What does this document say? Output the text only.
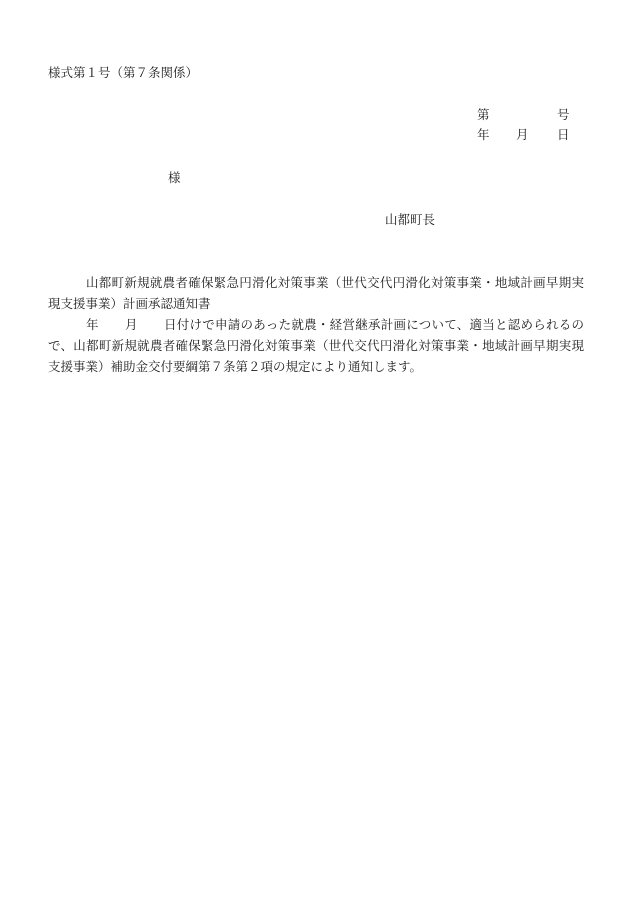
様式第１号（第７条関係）
第	号
年 月 日
様
山都町長
山都町新規就農者確保緊急円滑化対策事業（世代交代円滑化対策事業・地域計画早期実現支援事業）計画承認通知書
年 月 日付けで申請のあった就農・経営継承計画について、適当と認められるので、山都町新規就農者確保緊急円滑化対策事業（世代交代円滑化対策事業・地域計画早期実現支援事業）補助金交付要綱第７条第２項の規定により通知します。
